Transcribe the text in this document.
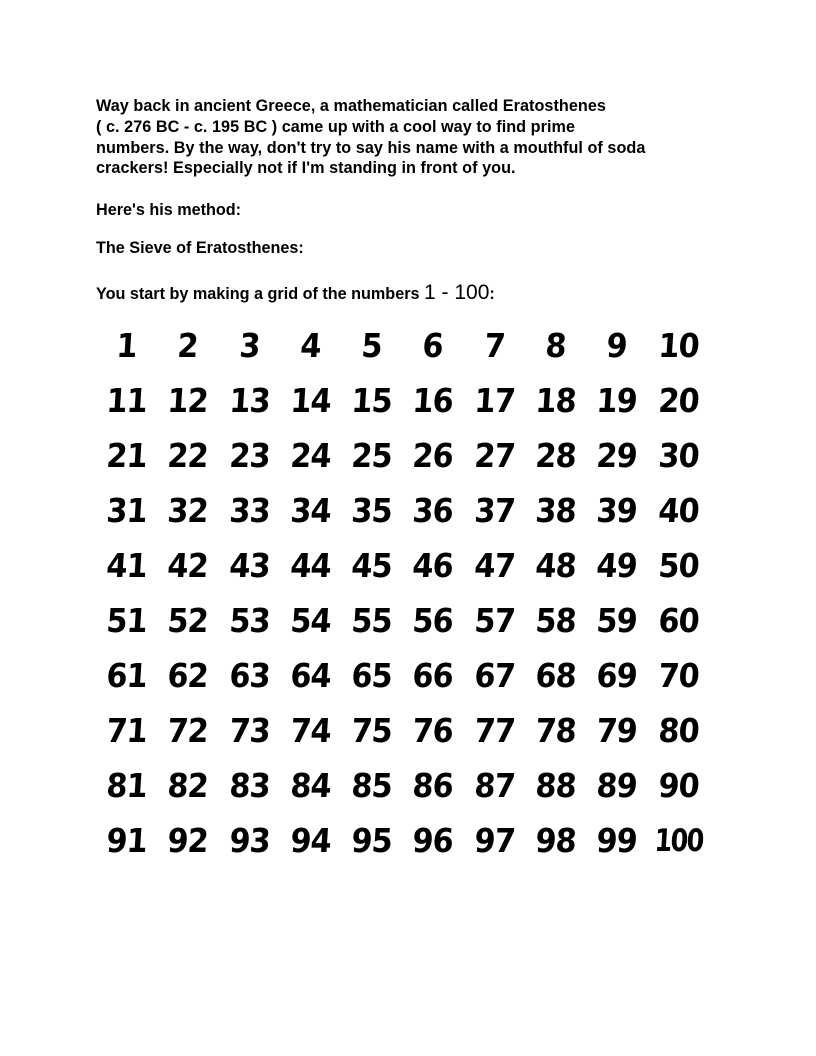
Way back in ancient Greece, a mathematician called Eratosthenes
( c. 276 BC - c. 195 BC ) came up with a cool way to find prime
numbers. By the way, don't try to say his name with a mouthful of soda
crackers! Especially not if I'm standing in front of you.
Here's his method:
The Sieve of Eratosthenes:
You start by making a grid of the numbers 1 - 100:
1	2	3	4	5	6	7	8	9 10
11 12 13 14 15 16 17 18 19 20
21 22 23 24 25 26 27 28 29 30
31 32 33 34 35 36 37 38 39 40
41 42 43 44 45 46 47 48 49 50
51 52 53 54 55 56 57 58 59 60
61 62 63 64 65 66 67 68 69 70
71 72 73 74 75 76 77 78 79 80
81 82 83 84 85 86 87 88 89 90
91 92 93 94 95 96 97 98 99 100
